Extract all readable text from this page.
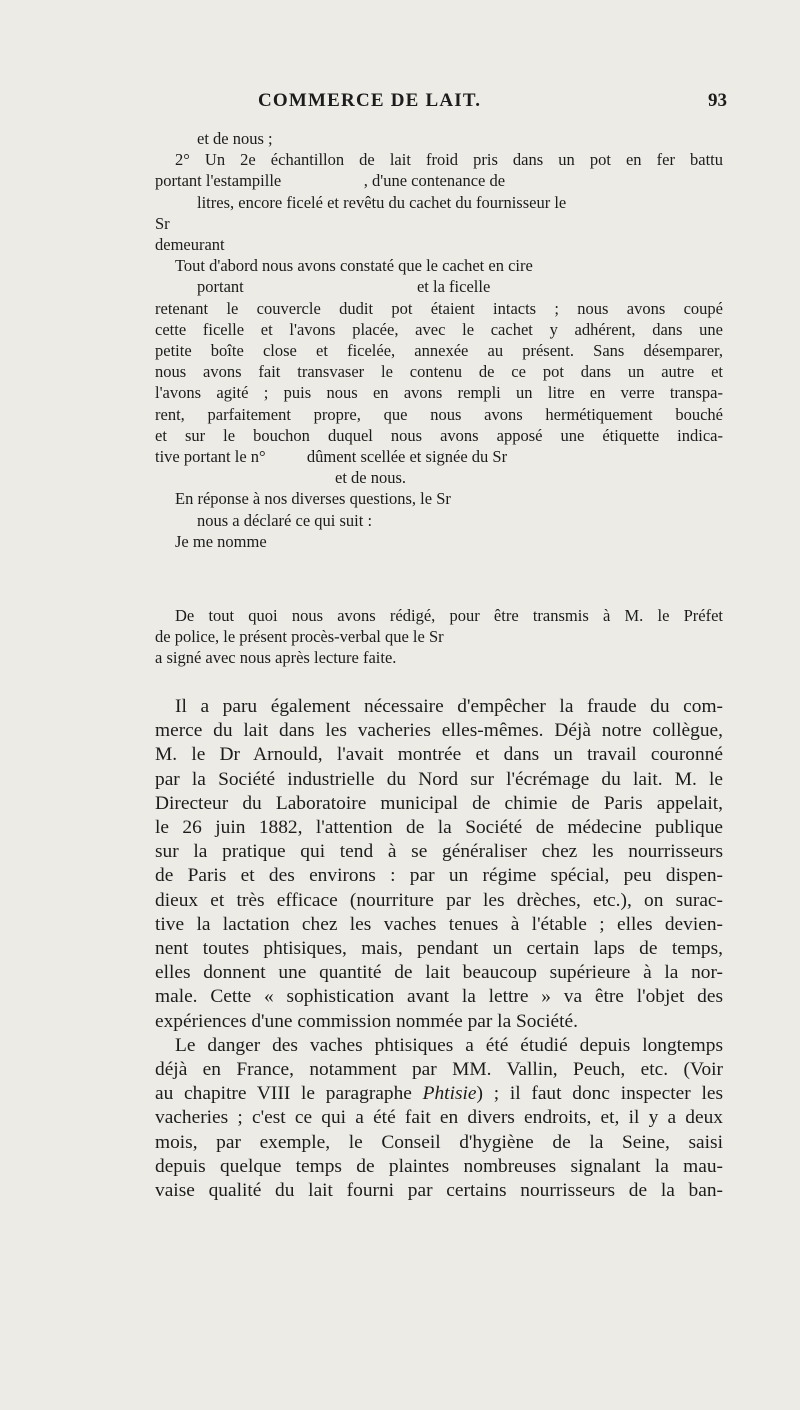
COMMERCE DE LAIT.	93

et de nous ;

2° Un 2e échantillon de lait froid pris dans un pot en fer battu

portant l'estampille                    , d'une contenance de

litres, encore ficelé et revêtu du cachet du fournisseur le

Sr

demeurant

Tout d'abord nous avons constaté que le cachet en cire

portant                                          et la ficelle

retenant le couvercle dudit pot étaient intacts ; nous avons coupé

cette ficelle et l'avons placée, avec le cachet y adhérent, dans une

petite boîte close et ficelée, annexée au présent. Sans désemparer,

nous avons fait transvaser le contenu de ce pot dans un autre et

l'avons agité ; puis nous en avons rempli un litre en verre transpa-

rent, parfaitement propre, que nous avons hermétiquement bouché

et sur le bouchon duquel nous avons apposé une étiquette indica-

tive portant le n°          dûment scellée et signée du Sr

et de nous.

En réponse à nos diverses questions, le Sr

nous a déclaré ce qui suit :

Je me nomme

De tout quoi nous avons rédigé, pour être transmis à M. le Préfet

de police, le présent procès-verbal que le Sr

a signé avec nous après lecture faite.

Il a paru également nécessaire d'empêcher la fraude du com-

merce du lait dans les vacheries elles-mêmes. Déjà notre collègue,

M. le Dr Arnould, l'avait montrée et dans un travail couronné

par la Société industrielle du Nord sur l'écrémage du lait. M. le

Directeur du Laboratoire municipal de chimie de Paris appelait,

le 26 juin 1882, l'attention de la Société de médecine publique

sur la pratique qui tend à se généraliser chez les nourrisseurs

de Paris et des environs : par un régime spécial, peu dispen-

dieux et très efficace (nourriture par les drèches, etc.), on surac-

tive la lactation chez les vaches tenues à l'étable ; elles devien-

nent toutes phtisiques, mais, pendant un certain laps de temps,

elles donnent une quantité de lait beaucoup supérieure à la nor-

male. Cette « sophistication avant la lettre » va être l'objet des

expériences d'une commission nommée par la Société.

Le danger des vaches phtisiques a été étudié depuis longtemps

déjà en France, notamment par MM. Vallin, Peuch, etc. (Voir

au chapitre VIII le paragraphe Phtisie) ; il faut donc inspecter les

vacheries ; c'est ce qui a été fait en divers endroits, et, il y a deux

mois, par exemple, le Conseil d'hygiène de la Seine, saisi

depuis quelque temps de plaintes nombreuses signalant la mau-

vaise qualité du lait fourni par certains nourrisseurs de la ban-
